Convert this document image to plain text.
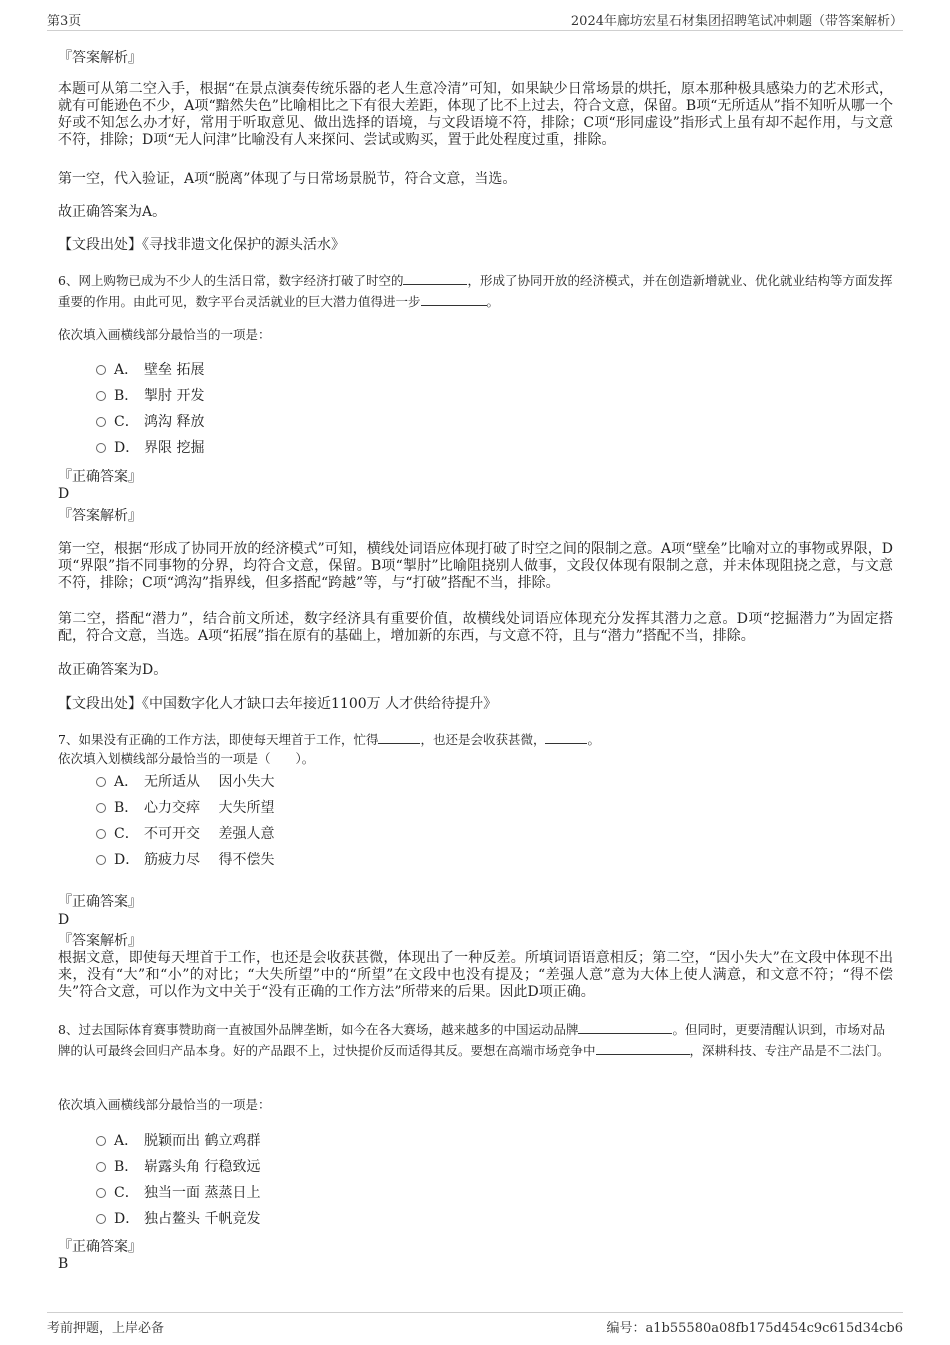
第3页	2024年廊坊宏星石材集团招聘笔试冲刺题（带答案解析）
『答案解析』
本题可从第二空入手，根据“在景点演奏传统乐器的老人生意冷清”可知，如果缺少日常场景的烘托，原本那种极具感染力的艺术形式，就有可能逊色不少，A项“黯然失色”比喻相比之下有很大差距，体现了比不上过去，符合文意，保留。B项“无所适从”指不知听从哪一个好或不知怎么办才好，常用于听取意见、做出选择的语境，与文段语境不符，排除；C项“形同虚设”指形式上虽有却不起作用，与文意不符，排除；D项“无人问津”比喻没有人来探问、尝试或购买，置于此处程度过重，排除。
第一空，代入验证，A项“脱离”体现了与日常场景脱节，符合文意，当选。
故正确答案为A。
【文段出处】《寻找非遗文化保护的源头活水》
6、网上购物已成为不少人的生活日常，数字经济打破了时空的	，形成了协同开放的经济模式，并在创造新增就业、优化就业结构等方面发挥重要的作用。由此可见，数字平台灵活就业的巨大潜力值得进一步	。
依次填入画横线部分最恰当的一项是：
A． 壁垒 拓展
B． 掣肘 开发
C． 鸿沟 释放
D． 界限 挖掘
『正确答案』
D
『答案解析』
第一空，根据“形成了协同开放的经济模式”可知，横线处词语应体现打破了时空之间的限制之意。A项“壁垒”比喻对立的事物或界限，D项“界限”指不同事物的分界，均符合文意，保留。B项“掣肘”比喻阻挠别人做事，文段仅体现有限制之意，并未体现阻挠之意，与文意不符，排除；C项“鸿沟”指界线，但多搭配“跨越”等，与“打破”搭配不当，排除。
第二空，搭配“潜力”，结合前文所述，数字经济具有重要价值，故横线处词语应体现充分发挥其潜力之意。D项“挖掘潜力”为固定搭配，符合文意，当选。A项“拓展”指在原有的基础上，增加新的东西，与文意不符，且与“潜力”搭配不当，排除。
故正确答案为D。
【文段出处】《中国数字化人才缺口去年接近1100万 人才供给待提升》
7、如果没有正确的工作方法，即使每天埋首于工作，忙得	，也还是会收获甚微，	。
依次填入划横线部分最恰当的一项是（　　）。
A． 无所适从　 因小失大
B． 心力交瘁　 大失所望
C． 不可开交　 差强人意
D． 筋疲力尽　 得不偿失
『正确答案』
D
『答案解析』
根据文意，即使每天埋首于工作，也还是会收获甚微，体现出了一种反差。所填词语语意相反；第二空，“因小失大”在文段中体现不出来，没有“大”和“小”的对比；“大失所望”中的“所望”在文段中也没有提及；“差强人意”意为大体上使人满意，和文意不符；“得不偿失”符合文意，可以作为文中关于“没有正确的工作方法”所带来的后果。因此D项正确。
8、过去国际体育赛事赞助商一直被国外品牌垄断，如今在各大赛场，越来越多的中国运动品牌	。但同时，更要清醒认识到，市场对品牌的认可最终会回归产品本身。好的产品跟不上，过快提价反而适得其反。要想在高端市场竞争中	，深耕科技、专注产品是不二法门。
依次填入画横线部分最恰当的一项是：
A． 脱颖而出 鹤立鸡群
B． 崭露头角 行稳致远
C． 独当一面 蒸蒸日上
D． 独占鳌头 千帆竞发
『正确答案』
B
考前押题，上岸必备	编号：a1b55580a08fb175d454c9c615d34cb6
